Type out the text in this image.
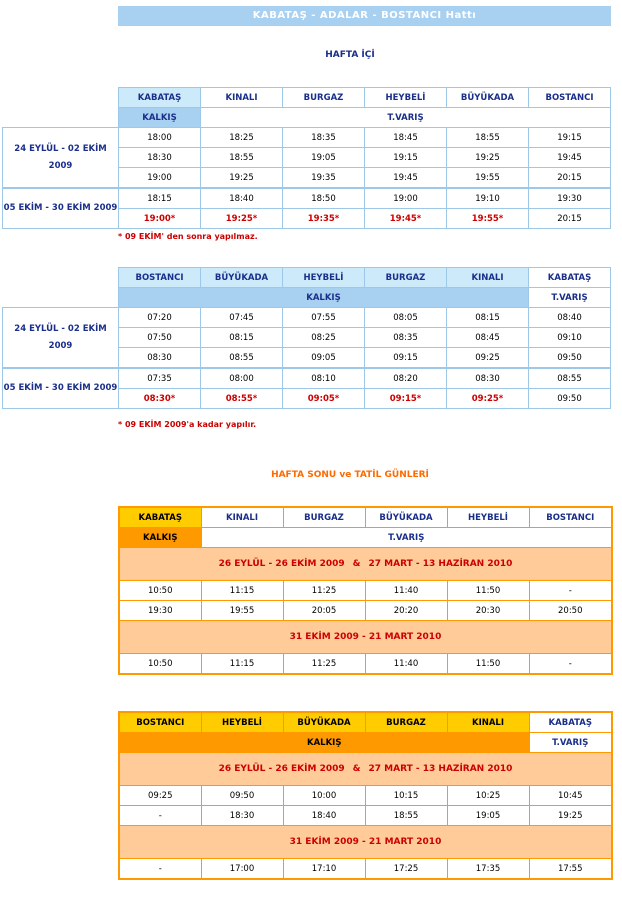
KABATAŞ - ADALAR - BOSTANCI Hattı
HAFTA İÇİ
	KABATAŞ	KINALI	BURGAZ	HEYBELİ	BÜYÜKADA	BOSTANCI
	KALKIŞ	T.VARIŞ				
24 EYLÜL - 02 EKİM 2009	18:00	18:25	18:35	18:45	18:55	19:15
	18:30	18:55	19:05	19:15	19:25	19:45
	19:00	19:25	19:35	19:45	19:55	20:15
05 EKİM - 30 EKİM 2009	18:15	18:40	18:50	19:00	19:10	19:30
	19:00*	19:25*	19:35*	19:45*	19:55*	20:15
* 09 EKİM' den sonra yapılmaz.
	BOSTANCI	BÜYÜKADA	HEYBELİ	BURGAZ	KINALI	KABATAŞ
	KALKIŞ					T.VARIŞ
24 EYLÜL - 02 EKİM 2009	07:20	07:45	07:55	08:05	08:15	08:40
	07:50	08:15	08:25	08:35	08:45	09:10
	08:30	08:55	09:05	09:15	09:25	09:50
05 EKİM - 30 EKİM 2009	07:35	08:00	08:10	08:20	08:30	08:55
	08:30*	08:55*	09:05*	09:15*	09:25*	09:50
* 09 EKİM 2009'a kadar yapılır.
HAFTA SONU ve TATİL GÜNLERİ
KABATAŞ	KINALI	BURGAZ	BÜYÜKADA	HEYBELİ	BOSTANCI
KALKIŞ	T.VARIŞ				
26 EYLÜL - 26 EKİM 2009 & 27 MART - 13 HAZİRAN 2010					
10:50	11:15	11:25	11:40	11:50	-
19:30	19:55	20:05	20:20	20:30	20:50
31 EKİM 2009 - 21 MART 2010					
10:50	11:15	11:25	11:40	11:50	-
BOSTANCI	HEYBELİ	BÜYÜKADA	BURGAZ	KINALI	KABATAŞ
KALKIŞ					T.VARIŞ
26 EYLÜL - 26 EKİM 2009 & 27 MART - 13 HAZİRAN 2010					
09:25	09:50	10:00	10:15	10:25	10:45
-	18:30	18:40	18:55	19:05	19:25
31 EKİM 2009 - 21 MART 2010					
-	17:00	17:10	17:25	17:35	17:55
